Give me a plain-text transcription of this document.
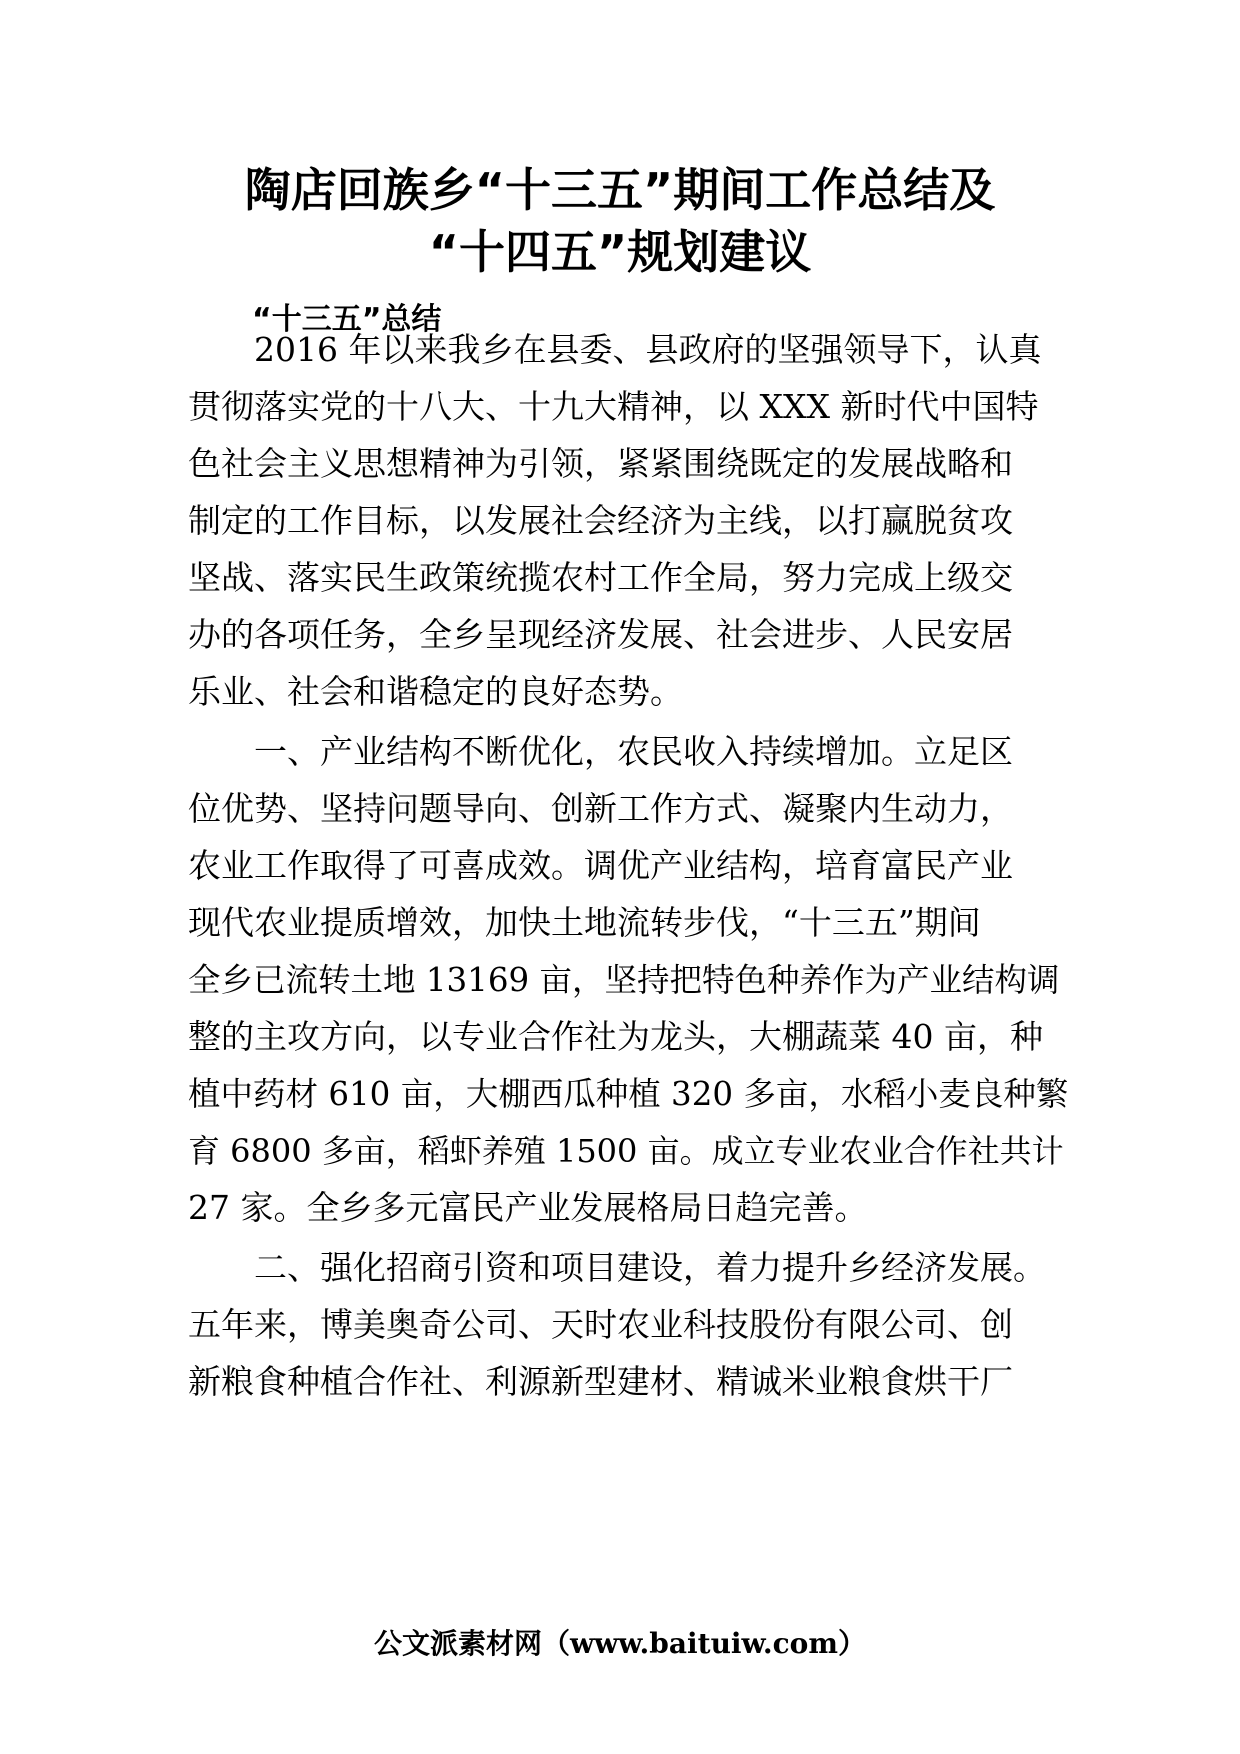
陶店回族乡“十三五”期间工作总结及
“十四五”规划建议
“十三五”总结

2016 年以来我乡在县委、县政府的坚强领导下，认真

贯彻落实党的十八大、十九大精神，以 XXX 新时代中国特

色社会主义思想精神为引领，紧紧围绕既定的发展战略和

制定的工作目标，以发展社会经济为主线，以打赢脱贫攻

坚战、落实民生政策统揽农村工作全局，努力完成上级交

办的各项任务，全乡呈现经济发展、社会进步、人民安居

乐业、社会和谐稳定的良好态势。

一、产业结构不断优化，农民收入持续增加。立足区

位优势、坚持问题导向、创新工作方式、凝聚内生动力，

农业工作取得了可喜成效。调优产业结构，培育富民产业

现代农业提质增效，加快土地流转步伐，“十三五”期间

全乡已流转土地 13169 亩，坚持把特色种养作为产业结构调

整的主攻方向，以专业合作社为龙头，大棚蔬菜 40 亩，种

植中药材 610 亩，大棚西瓜种植 320 多亩，水稻小麦良种繁

育 6800 多亩，稻虾养殖 1500 亩。成立专业农业合作社共计

27 家。全乡多元富民产业发展格局日趋完善。

二、强化招商引资和项目建设，着力提升乡经济发展。

五年来，博美奥奇公司、天时农业科技股份有限公司、创

新粮食种植合作社、利源新型建材、精诚米业粮食烘干厂

公文派素材网（www.baituiw.com）
